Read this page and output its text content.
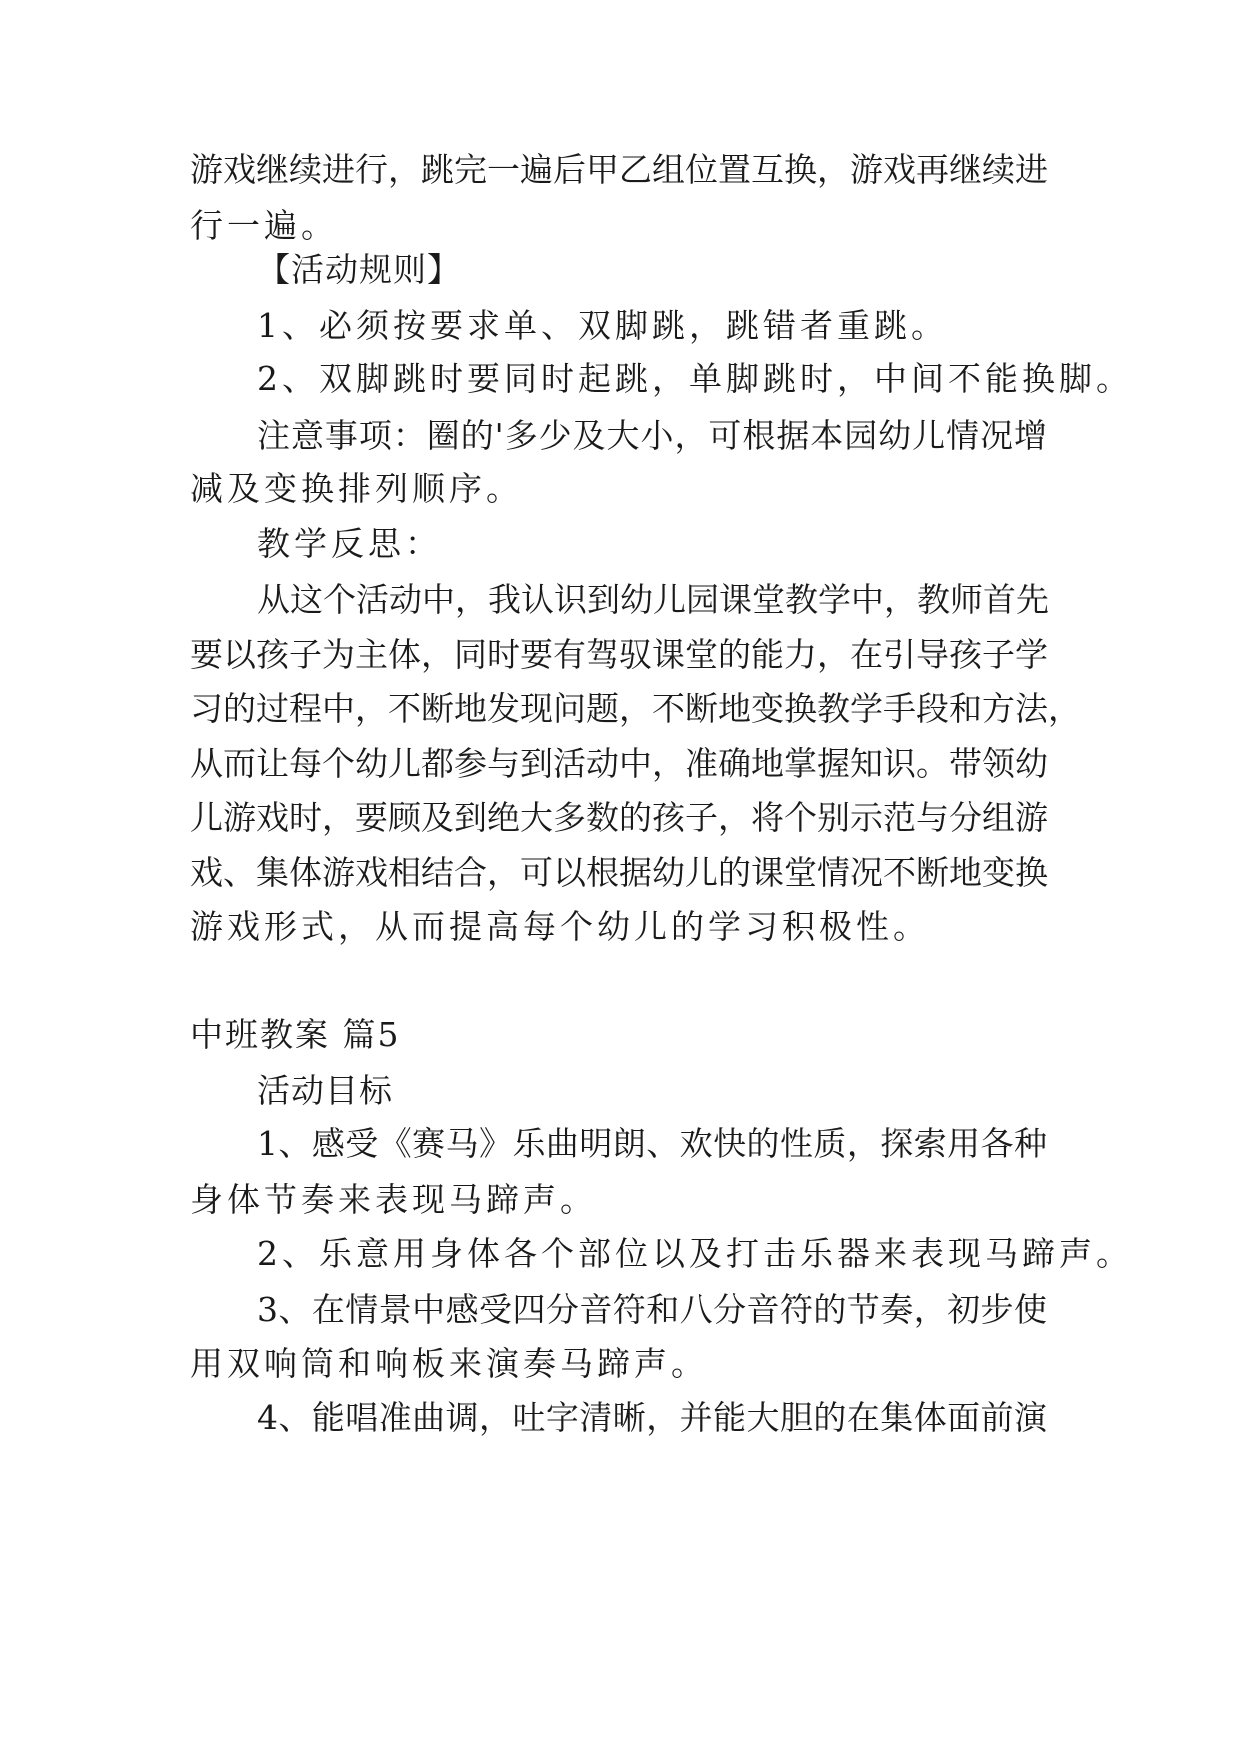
游戏继续进行，跳完一遍后甲乙组位置互换，游戏再继续进
行一遍。
【活动规则】
1、必须按要求单、双脚跳，跳错者重跳。
2、双脚跳时要同时起跳，单脚跳时，中间不能换脚。
注意事项：圈的'多少及大小，可根据本园幼儿情况增
减及变换排列顺序。
教学反思：
从这个活动中，我认识到幼儿园课堂教学中，教师首先
要以孩子为主体，同时要有驾驭课堂的能力，在引导孩子学
习的过程中，不断地发现问题，不断地变换教学手段和方法，
从而让每个幼儿都参与到活动中，准确地掌握知识。带领幼
儿游戏时，要顾及到绝大多数的孩子，将个别示范与分组游
戏、集体游戏相结合，可以根据幼儿的课堂情况不断地变换
游戏形式，从而提高每个幼儿的学习积极性。
中班教案 篇5
活动目标
1、感受《赛马》乐曲明朗、欢快的性质，探索用各种
身体节奏来表现马蹄声。
2、乐意用身体各个部位以及打击乐器来表现马蹄声。
3、在情景中感受四分音符和八分音符的节奏，初步使
用双响筒和响板来演奏马蹄声。
4、能唱准曲调，吐字清晰，并能大胆的在集体面前演
